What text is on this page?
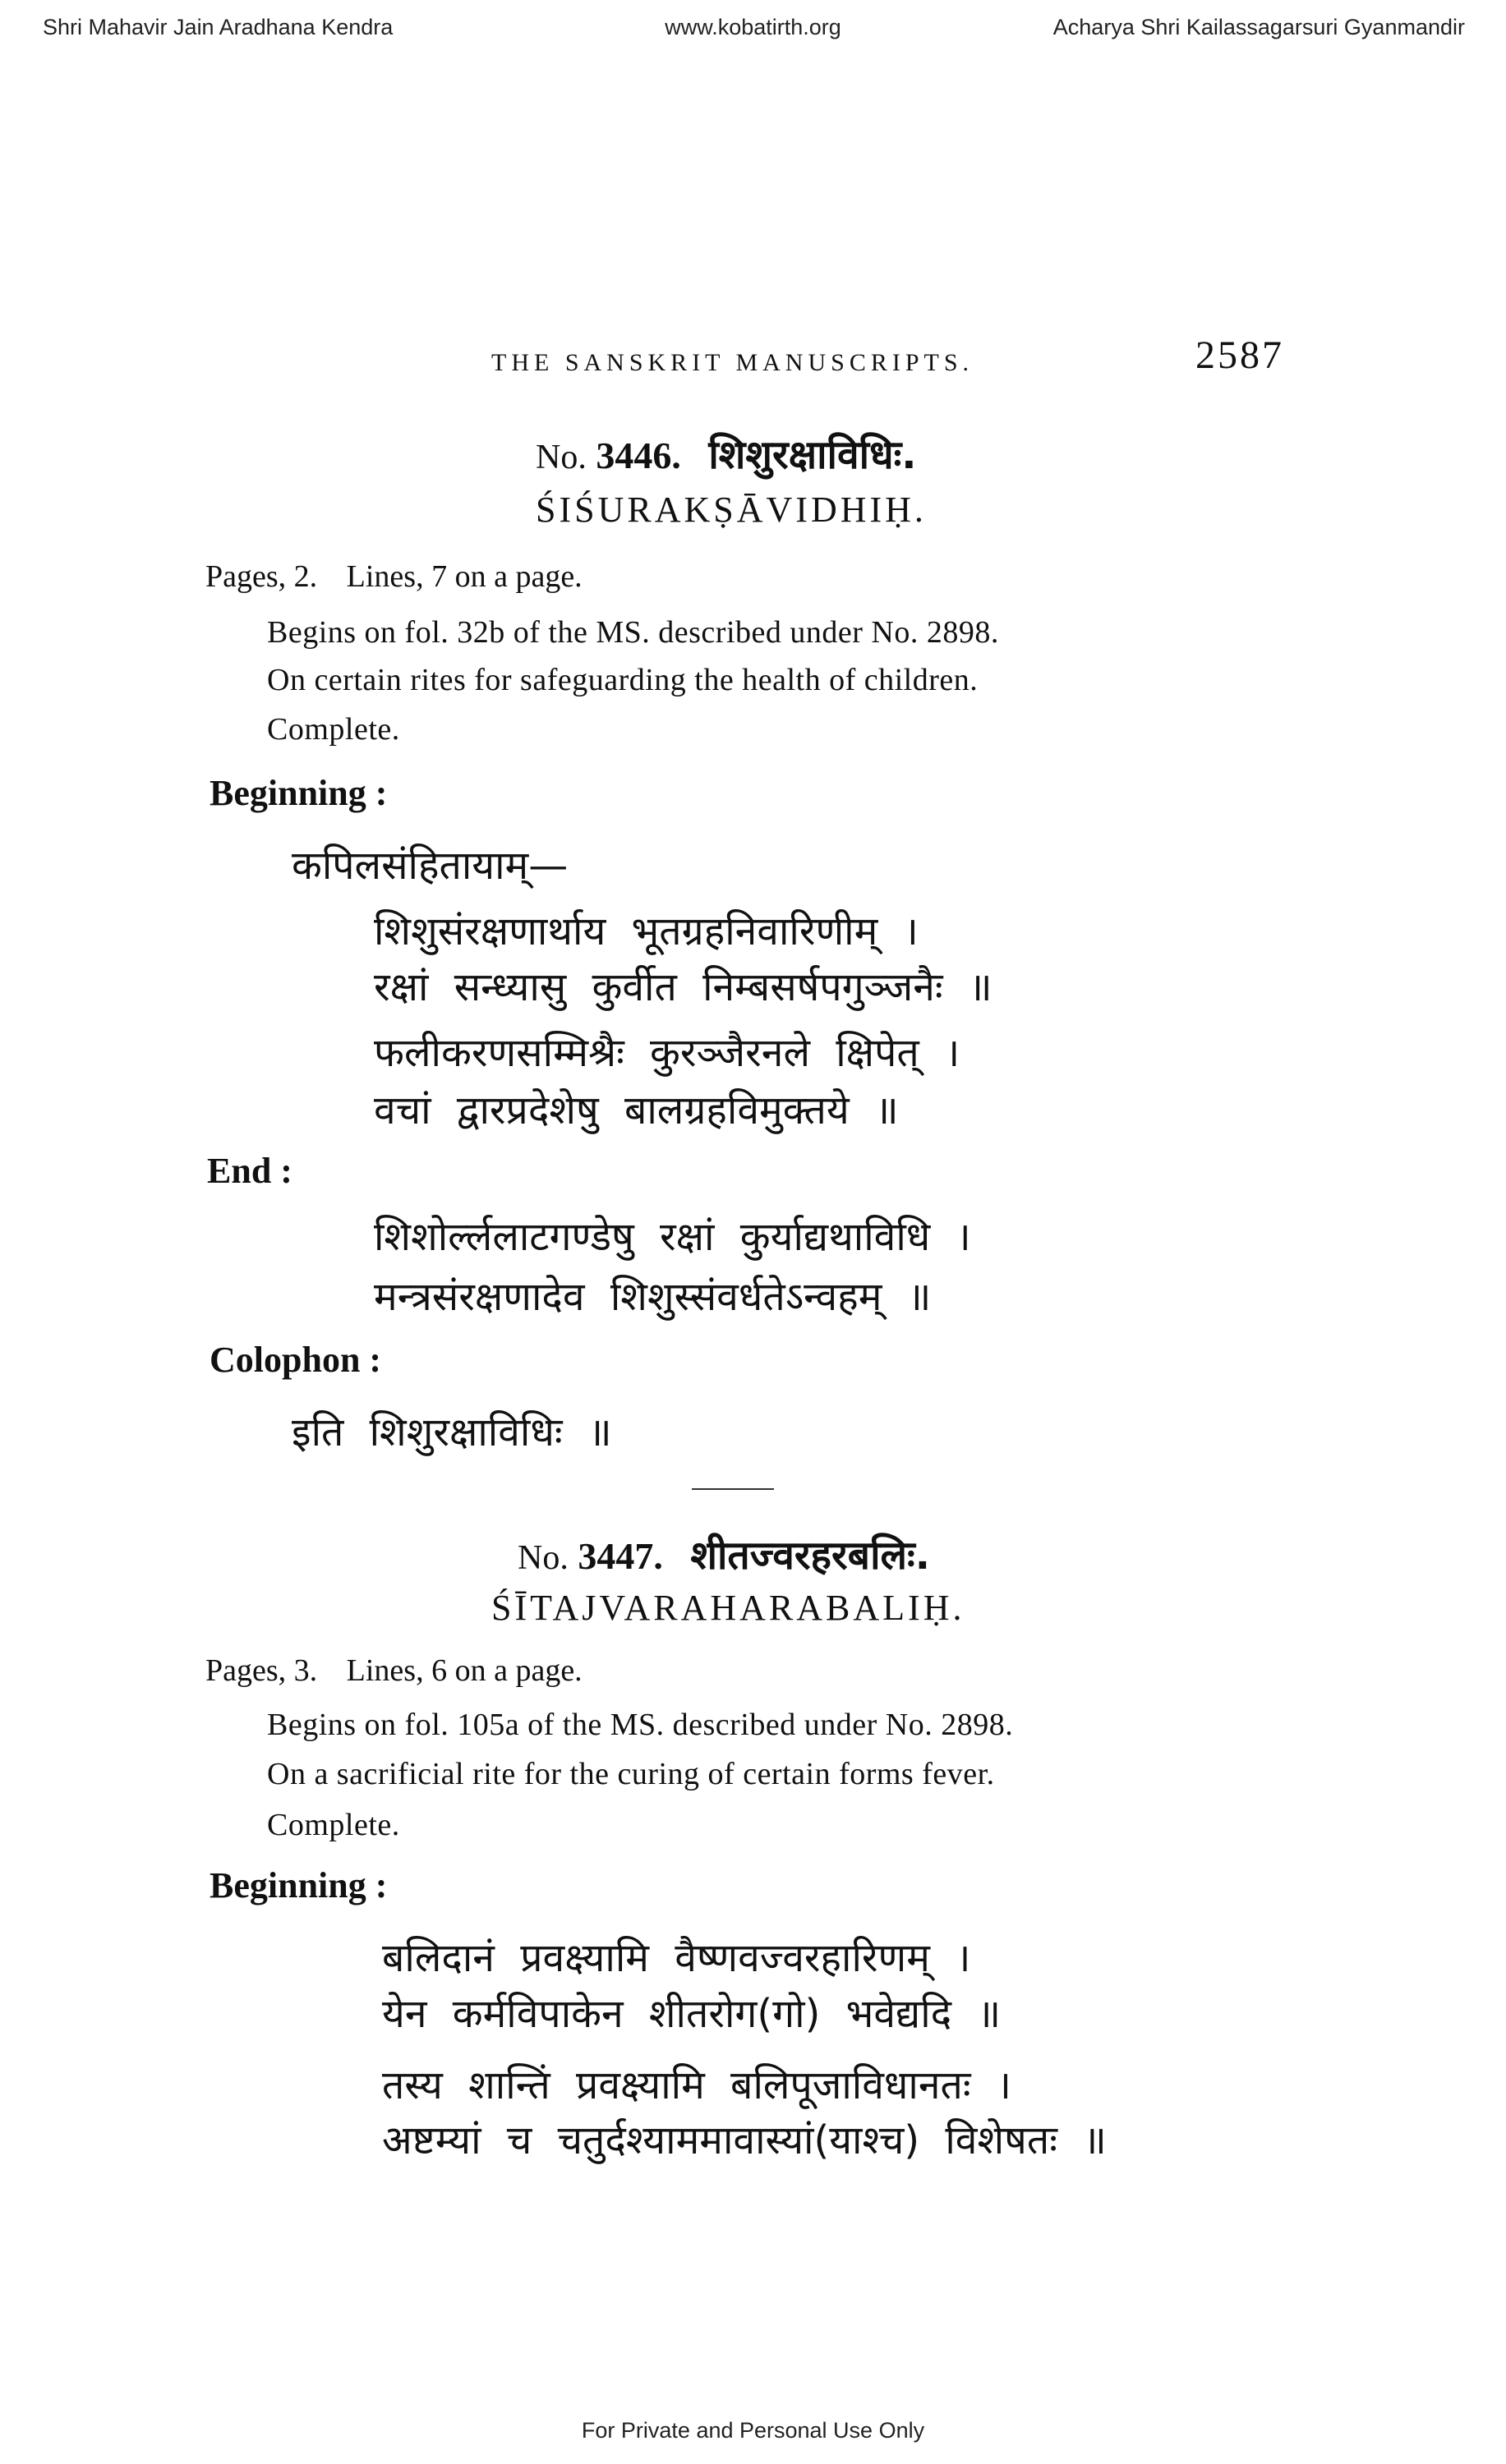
Shri Mahavir Jain Aradhana Kendra	www.kobatirth.org	Acharya Shri Kailassagarsuri Gyanmandir
THE SANSKRIT MANUSCRIPTS.	2587
No. 3446. शिशुरक्षाविधिः.
ŚIŚURAKṢĀVIDHIḤ.
Pages, 2. Lines, 7 on a page.
Begins on fol. 32b of the MS. described under No. 2898.
On certain rites for safeguarding the health of children.
Complete.
Beginning :
कपिलसंहितायाम्—
शिशुसंरक्षणार्थाय भूतग्रहनिवारिणीम् ।
रक्षां सन्ध्यासु कुर्वीत निम्बसर्षपगुञ्जनैः ॥
फलीकरणसम्मिश्रैः कुरञ्जैरनले क्षिपेत् ।
वचां द्वारप्रदेशेषु बालग्रहविमुक्तये ॥
End :
शिशोर्ल्ललाटगण्डेषु रक्षां कुर्याद्यथाविधि ।
मन्त्रसंरक्षणादेव शिशुस्संवर्धतेऽन्वहम् ॥
Colophon :
इति शिशुरक्षाविधिः ॥
No. 3447. शीतज्वरहरबलिः.
ŚĪTAJVARAHARABALIḤ.
Pages, 3. Lines, 6 on a page.
Begins on fol. 105a of the MS. described under No. 2898.
On a sacrificial rite for the curing of certain forms fever.
Complete.
Beginning :
बलिदानं प्रवक्ष्यामि वैष्णवज्वरहारिणम् ।
येन कर्मविपाकेन शीतरोग(गो) भवेद्यदि ॥
तस्य शान्तिं प्रवक्ष्यामि बलिपूजाविधानतः ।
अष्टम्यां च चतुर्दश्याममावास्यां(याश्च) विशेषतः ॥
For Private and Personal Use Only
